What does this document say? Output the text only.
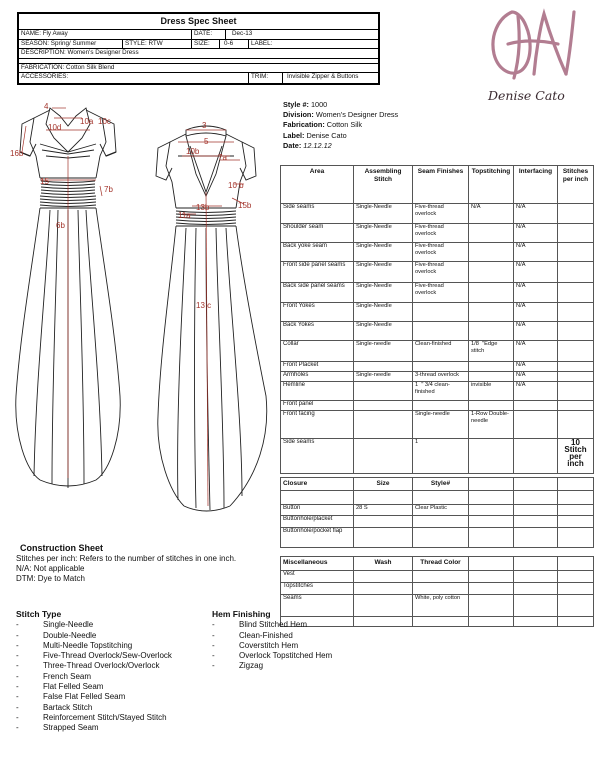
Dress Spec Sheet
NAME: Fly Away	DATE:	Dec-13
SEASON: Spring/ Summer	STYLE: RTW	SIZE:	0-6	LABEL:
DESCRIPTION: Women's Designer Dress
FABRICATION: Cotton Silk Blend
ACCESSORIES:	TRIM:	Invisible Zipper & Buttons
Denise Cato
4
10a 10c
10d
16b
6b
15
7b
3
5
10b
7a
10 b
15b
13b
11a
13 c
Style #: 1000
Division: Women's Designer Dress
Fabrication: Cotton Silk
Label: Denise Cato
Date: 12.12.12
Area	Assembling Stitch	Seam Finishes	Topstitching	Interfacing	Stitches per inch
Side seams	Single-Needle	Five-thread overlock	N/A	N/A	
Shoulder seam	Single-Needle	Five-thread overlock		N/A	
Back yoke seam	Single-Needle	Five-thread overlock		N/A	
Front side panel seams	Single-Needle	Five-thread overlock		N/A	
Back side panel seams	Single-Needle	Five-thread overlock		N/A	
Front Yokes	Single-Needle			N/A	
Back Yokes	Single-Needle			N/A	
Collar	Single-needle	Clean-finished	1/8  "Edge stitch	N/A	
Front Placket				N/A	
Armholes	Single-needle	3-thread overlock		N/A	
Hemline		1  " 3/4 clean-finished	invisible	N/A	
Front panel					
Front facing		Single-needle	1-Row Double-needle		
Side seams		1			10 Stitch per inch
Closure	Size	Style#			

Button	28 S	Clear Plastic			
Buttonhole/placket					
Buttonhole/pocket flap					
Miscellaneous	Wash	Thread Color			
Vest					
Topstitches					
Seams		White, poly cotton			

Construction Sheet
Stitches per inch: Refers to the number of stitches in one inch.
N/A: Not applicable
DTM: Dye to Match
Stitch Type
-	Single-Needle
-	Double-Needle
-	Multi-Needle Topstitching
-	Five-Thread Overlock/Sew-Overlock
-	Three-Thread Overlock/Overlock
-	French Seam
-	Flat Felled Seam
-	False Flat Felled Seam
-	Bartack Stitch
-	Reinforcement Stitch/Stayed Stitch
-	Strapped Seam
Hem Finishing
-	Blind Stitched Hem
-	Clean-Finished
-	Coverstitch Hem
-	Overlock Topstitched Hem
-	Zigzag
